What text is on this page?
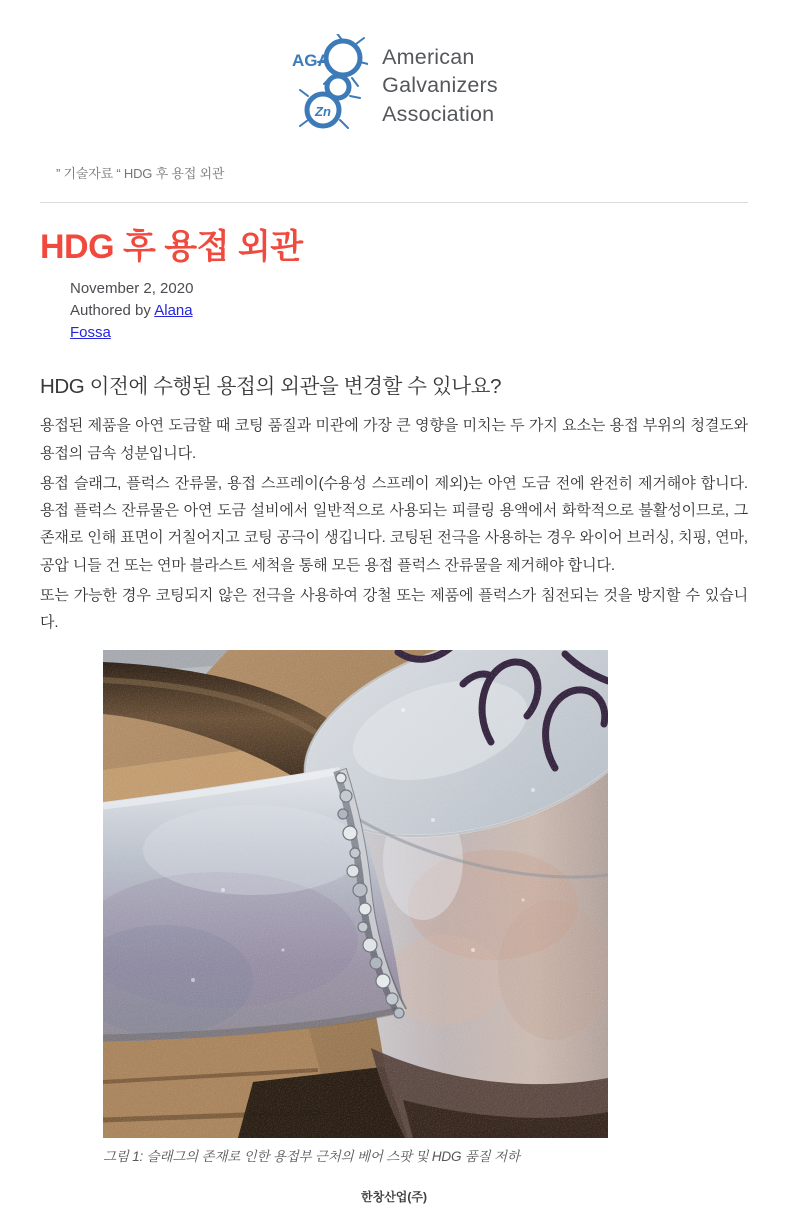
AGA
Zn
American
Galvanizers
Association
” 기술자료 “ HDG 후 용접 외관
HDG 후 용접 외관
November 2, 2020
Authored by Alana Fossa
HDG 이전에 수행된 용접의 외관을 변경할 수 있나요?

용접된 제품을 아연 도금할 때 코팅 품질과 미관에 가장 큰 영향을 미치는 두 가지 요소는 용접 부위의 청결도와 용접의 금속 성분입니다.

용접 슬래그, 플럭스 잔류물, 용접 스프레이(수용성 스프레이 제외)는 아연 도금 전에 완전히 제거해야 합니다. 용접 플럭스 잔류물은 아연 도금 설비에서 일반적으로 사용되는 피클링 용액에서 화학적으로 불활성이므로, 그 존재로 인해 표면이 거칠어지고 코팅 공극이 생깁니다. 코팅된 전극을 사용하는 경우 와이어 브러싱, 치핑, 연마, 공압 니들 건 또는 연마 블라스트 세척을 통해 모든 용접 플럭스 잔류물을 제거해야 합니다.

또는 가능한 경우 코팅되지 않은 전극을 사용하여 강철 또는 제품에 플럭스가 침전되는 것을 방지할 수 있습니다.

그림 1: 슬래그의 존재로 인한 용접부 근처의 베어 스팟 및 HDG 품질 저하
한창산업(주)
